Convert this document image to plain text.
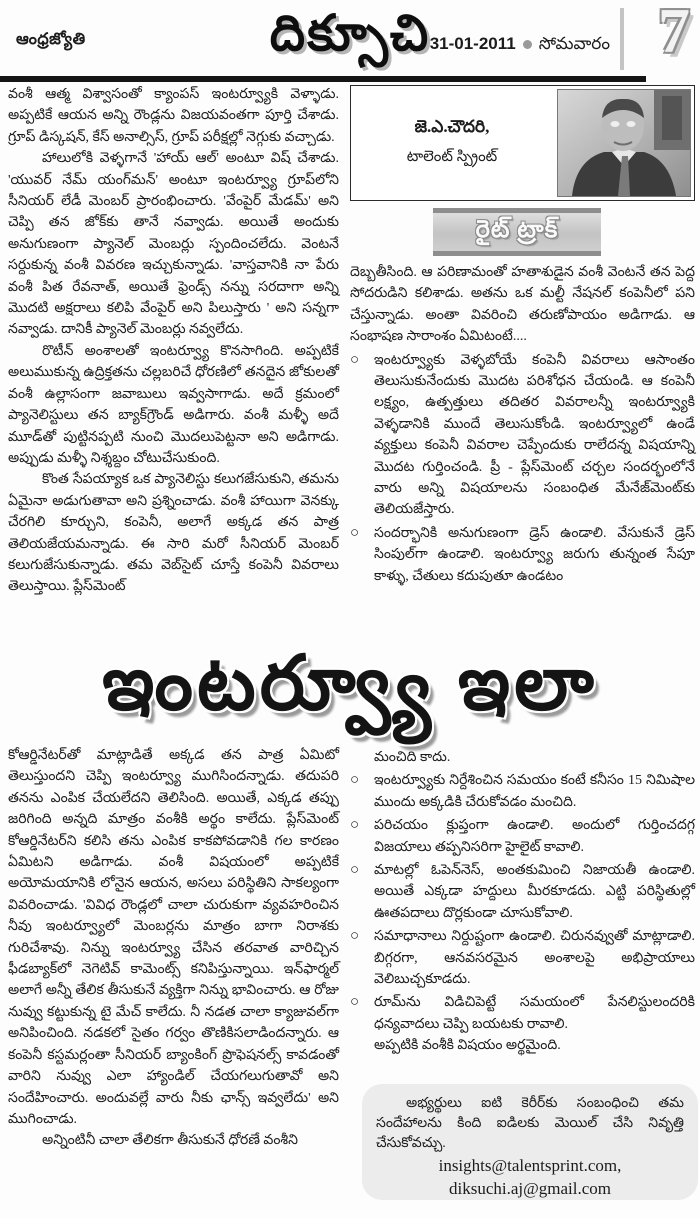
ఆంధ్రజ్యోతి	దిక్సూచి 31-01-2011 సోమవారం 7
జె.ఎ.చౌదరి,
టాలెంట్ స్ప్రింట్
రైట్ ట్రాక్

వంశీ ఆత్మ విశ్వాసంతో క్యాంపస్ ఇంటర్వ్యూకి వెళ్ళాడు. అప్పటికే ఆయన అన్ని రౌండ్లను విజయవంతగా పూర్తి చేశాడు. గ్రూప్ డిస్కషన్, కేస్ అనాల్సిస్, గ్రూప్ పరీక్షల్లో నెగ్గుకు వచ్చాడు.

హాలులోకి వెళ్ళగానే 'హాయ్ ఆల్' అంటూ విష్ చేశాడు. 'యువర్ నేమ్ యంగ్‌మన్' అంటూ ఇంటర్వ్యూ గ్రూప్‌లోని సీనియర్ లేడీ మెంబర్ ప్రారంభించారు. 'వేంపైర్ మేడమ్' అని చెప్పి తన జోక్‌కు తానే నవ్వాడు. అయితే అందుకు అనుగుణంగా ప్యానెల్ మెంబర్లు స్పందించలేదు. వెంటనే సర్దుకున్న వంశీ వివరణ ఇచ్చుకున్నాడు. 'వాస్తవానికి నా పేరు వంశీ పిత రేవనాత్, అయితే ఫ్రెండ్స్ నన్ను సరదాగా అన్ని మొదటి అక్షరాలు కలిపి వేంపైర్ అని పిలుస్తారు ' అని సన్నగా నవ్వాడు. దానికీ ప్యానెల్ మెంబర్లు నవ్వలేదు.

రొటీన్ అంశాలతో ఇంటర్వ్యూ కొనసాగింది. అప్పటికే అలుముకున్న ఉద్రిక్తతను చల్లబరిచే ధోరణిలో తనదైన జోకులతో వంశీ ఉల్లాసంగా జవాబులు ఇవ్వసాగాడు. అదే క్రమంలో ప్యానెలిస్టులు తన బ్యాక్‌గ్రౌండ్ అడిగారు. వంశీ మళ్ళీ అదే మూడ్‌తో పుట్టినప్పటి నుంచి మొదలుపెట్టనా అని అడిగాడు. అప్పుడు మళ్ళీ నిశ్శబ్దం చోటుచేసుకుంది.

కొంత సేపయ్యాక ఒక ప్యానెలిస్టు కలుగజేసుకుని, తమను ఏమైనా అడుగుతావా అని ప్రశ్నించాడు. వంశీ హాయిగా వెనక్కు చేరగిలి కూర్చుని, కంపెనీ, అలాగే అక్కడ తన పాత్ర తెలియజేయమన్నాడు. ఈ సారి మరో సీనియర్ మెంబర్ కలుగుజేసుకున్నాడు. తమ వెబ్‌సైట్ చూస్తే కంపెనీ వివరాలు తెలుస్తాయి. ప్లేస్‌మెంట్

దెబ్బతీసింది. ఆ పరిణామంతో హతాశుడైన వంశీ వెంటనే తన పెద్ద సోదరుడిని కలిశాడు. అతను ఒక మల్టీ నేషనల్ కంపెనీలో పని చేస్తున్నాడు. అంతా వివరించి తరుణోపాయం అడిగాడు. ఆ సంభాషణ సారాంశం ఏమిటంటే....

○	ఇంటర్వ్యూకు వెళ్ళబోయే కంపెనీ వివరాలు ఆసాంతం తెలుసుకునేందుకు మొదట పరిశోధన చేయండి. ఆ కంపెనీ లక్ష్యం, ఉత్పత్తులు తదితర వివరాలన్నీ ఇంటర్వ్యూకి వెళ్ళడానికి ముందే తెలుసుకోండి. ఇంటర్వ్యూలో ఉండే వ్యక్తులు కంపెనీ వివరాల చెప్పేందుకు రాలేదన్న విషయాన్ని మొదట గుర్తించండి. ప్రీ - ప్లేస్‌మెంట్ చర్చల సందర్భంలోనే వారు అన్ని విషయాలను సంబంధిత మేనేజ్‌మెంట్‌కు తెలియజేస్తారు.

○	సందర్భానికి అనుగుణంగా డ్రెస్ ఉండాలి. వేసుకునే డ్రెస్ సింపుల్‌గా ఉండాలి. ఇంటర్వ్యూ జరుగు తున్నంత సేపూ కాళ్ళు, చేతులు కదుపుతూ ఉండటం

ఇంటర్వ్యూ ఇలా

కోఆర్డినేటర్‌తో మాట్లాడితే అక్కడ తన పాత్ర ఏమిటో తెలుస్తుందని చెప్పి ఇంటర్వ్యూ ముగిసిందన్నాడు. తదుపరి తనను ఎంపిక చేయలేదని తెలిసింది. అయితే, ఎక్కడ తప్పు జరిగింది అన్నది మాత్రం వంశీకి అర్థం కాలేదు. ప్లేస్‌మెంట్ కోఆర్డినేటర్‌ని కలిసి తను ఎంపిక కాకపోవడానికి గల కారణం ఏమిటని అడిగాడు. వంశీ విషయంలో అప్పటికే అయోమయానికి లోనైన ఆయన, అసలు పరిస్థితిని సాకల్యంగా వివరించాడు. 'వివిధ రౌండ్లలో చాలా చురుకుగా వ్యవహరించిన నీవు ఇంటర్వ్యూలో మెంబర్లను మాత్రం బాగా నిరాశకు గురిచేశావు. నిన్ను ఇంటర్వ్యూ చేసిన తరవాత వారిచ్చిన ఫీడబ్యాక్‌లో నెగెటివ్ కామెంట్స్ కనిపిస్తున్నాయి. ఇన్‌ఫార్మల్ అలాగే అన్నీ తేలిక తీసుకునే వ్యక్తిగా నిన్ను భావించారు. ఆ రోజు నువ్వు కట్టుకున్న టై మేచ్ కాలేదు. నీ నడత చాలా క్యాజువల్‌గా అనిపించింది. నడకలో సైతం గర్వం తొణికిసలాడిందన్నారు. ఆ కంపెనీ కస్టమర్లంతా సీనియర్ బ్యాంకింగ్ ప్రొఫెషనల్స్ కావడంతో వారిని నువ్వు ఎలా హ్యాండిల్ చేయగలుగుతావో అని సందేహించారు. అందువల్లే వారు నీకు ఛాన్స్ ఇవ్వలేదు' అని ముగించాడు.

అన్నింటినీ చాలా తేలికగా తీసుకునే ధోరణే వంశీని

మంచిది కాదు.

○	ఇంటర్వ్యూకు నిర్దేశించిన సమయం కంటే కనీసం 15 నిమిషాల ముందు అక్కడికి చేరుకోవడం మంచిది.

○	పరిచయం క్లుప్తంగా ఉండాలి. అందులో గుర్తించదగ్గ విజయాలు తప్పనిసరిగా హైలైట్ కావాలి.

○	మాటల్లో ఓపెన్‌నెస్, అంతకుమించి నిజాయతీ ఉండాలి. అయితే ఎక్కడా హద్దులు మీరకూడదు. ఎట్టి పరిస్థితుల్లో ఊతపదాలు దొర్లకుండా చూసుకోవాలి.

○	సమాధానాలు నిర్దుష్టంగా ఉండాలి. చిరునవ్వుతో మాట్లాడాలి. బిగ్గరగా, ఆనవసరమైన అంశాలపై అభిప్రాయాలు వెలిబుచ్చకూడదు.

○	రూమ్‌ను విడిచిపెట్టే సమయంలో పేనలిస్టులందరికి ధన్యవాదలు చెప్పి బయటకు రావాలి.

అప్పటికి వంశీకి విషయం అర్థమైంది.

అభ్యర్థులు ఐటి కెరీర్‌కు సంబంధించి తమ సందేహాలను కింది ఐడిలకు మెయిల్ చేసి నివృత్తి చేసుకోవచ్చు.

insights@talentsprint.com,
diksuchi.aj@gmail.com
